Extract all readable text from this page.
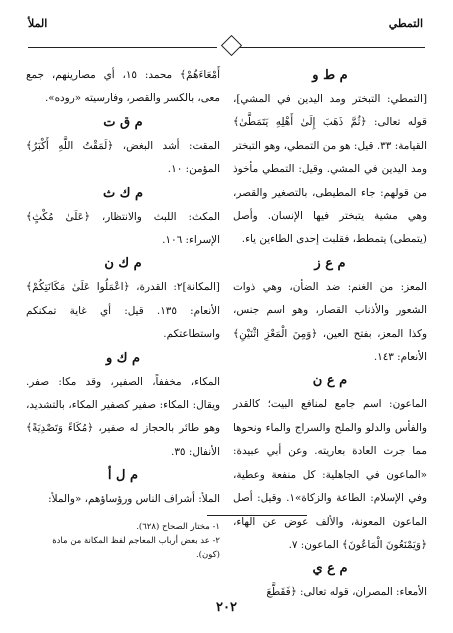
التمطي
الملأ
م ط و

[التمطي: التبختر ومد اليدين في المشي]، قوله تعالى: ﴿ثُمَّ ذَهَبَ إِلَىٰ أَهْلِهِ يَتَمَطَّىٰ﴾ القيامة: ٣٣. قيل: هو من التمطي، وهو التبختر ومد اليدين في المشي. وقيل: التمطي مأخوذ من قولهم: جاء المطيطى، بالتصغير والقصر، وهي مشية يتبختر فيها الإنسان. وأصل (يتمطى) يتمطط، فقلبت إحدى الطاءين ياء.

م ع ز

المعز: من الغنم: ضد الضأن، وهي ذوات الشعور والأذناب القصار، وهو اسم جنس، وكذا المعز، بفتح العين، ﴿وَمِنَ الْمَعْزِ اثْنَيْنِ﴾ الأنعام: ١٤٣.

م ع ن

الماعون: اسم جامع لمنافع البيت؛ كالقدر والفأس والدلو والملح والسراج والماء ونحوها مما جرت العادة بعاريته. وعن أبي عبيدة: «الماعون في الجاهلية: كل منفعة وعطية، وفي الإسلام: الطاعة والزكاة»١. وقيل: أصل الماعون المعونة، والألف عوض عن الهاء، ﴿وَيَمْنَعُونَ الْمَاعُونَ﴾ الماعون: ٧.

م ع ي

الأمعاء: المصران، قوله تعالى: ﴿فَقَطَّعَ

أَمْعَاءَهُمْ﴾ محمد: ١٥، أي مصارينهم، جمع معى، بالكسر والقصر، وفارسيته «روده».

م ق ت

المقت: أشد البغض، ﴿لَمَقْتُ اللَّهِ أَكْبَرُ﴾ المؤمن: ١٠.

م ك ث

المكث: اللبث والانتظار، ﴿عَلَىٰ مُكْثٍ﴾ الإسراء: ١٠٦.

م ك ن

[المكانة]٢: القدرة، ﴿اعْمَلُوا عَلَىٰ مَكَانَتِكُمْ﴾ الأنعام: ١٣٥. قيل: أي غاية تمكنكم واستطاعتكم.

م ك و

المكاء، مخففاً، الصفير، وقد مكا: صفر. ويقال: المكاء: صفير كصفير المكاء، بالتشديد، وهو طائر بالحجاز له صفير، ﴿مُكَاءً وَتَصْدِيَةً﴾ الأنفال: ٣٥.

م ل أ

الملأ: أشراف الناس ورؤساؤهم، «والملأ:

١- مختار الصحاح (٦٢٨).

٢- عد بعض أرباب المعاجم لفظ المكانة من مادة (كون).

٢٠٢
